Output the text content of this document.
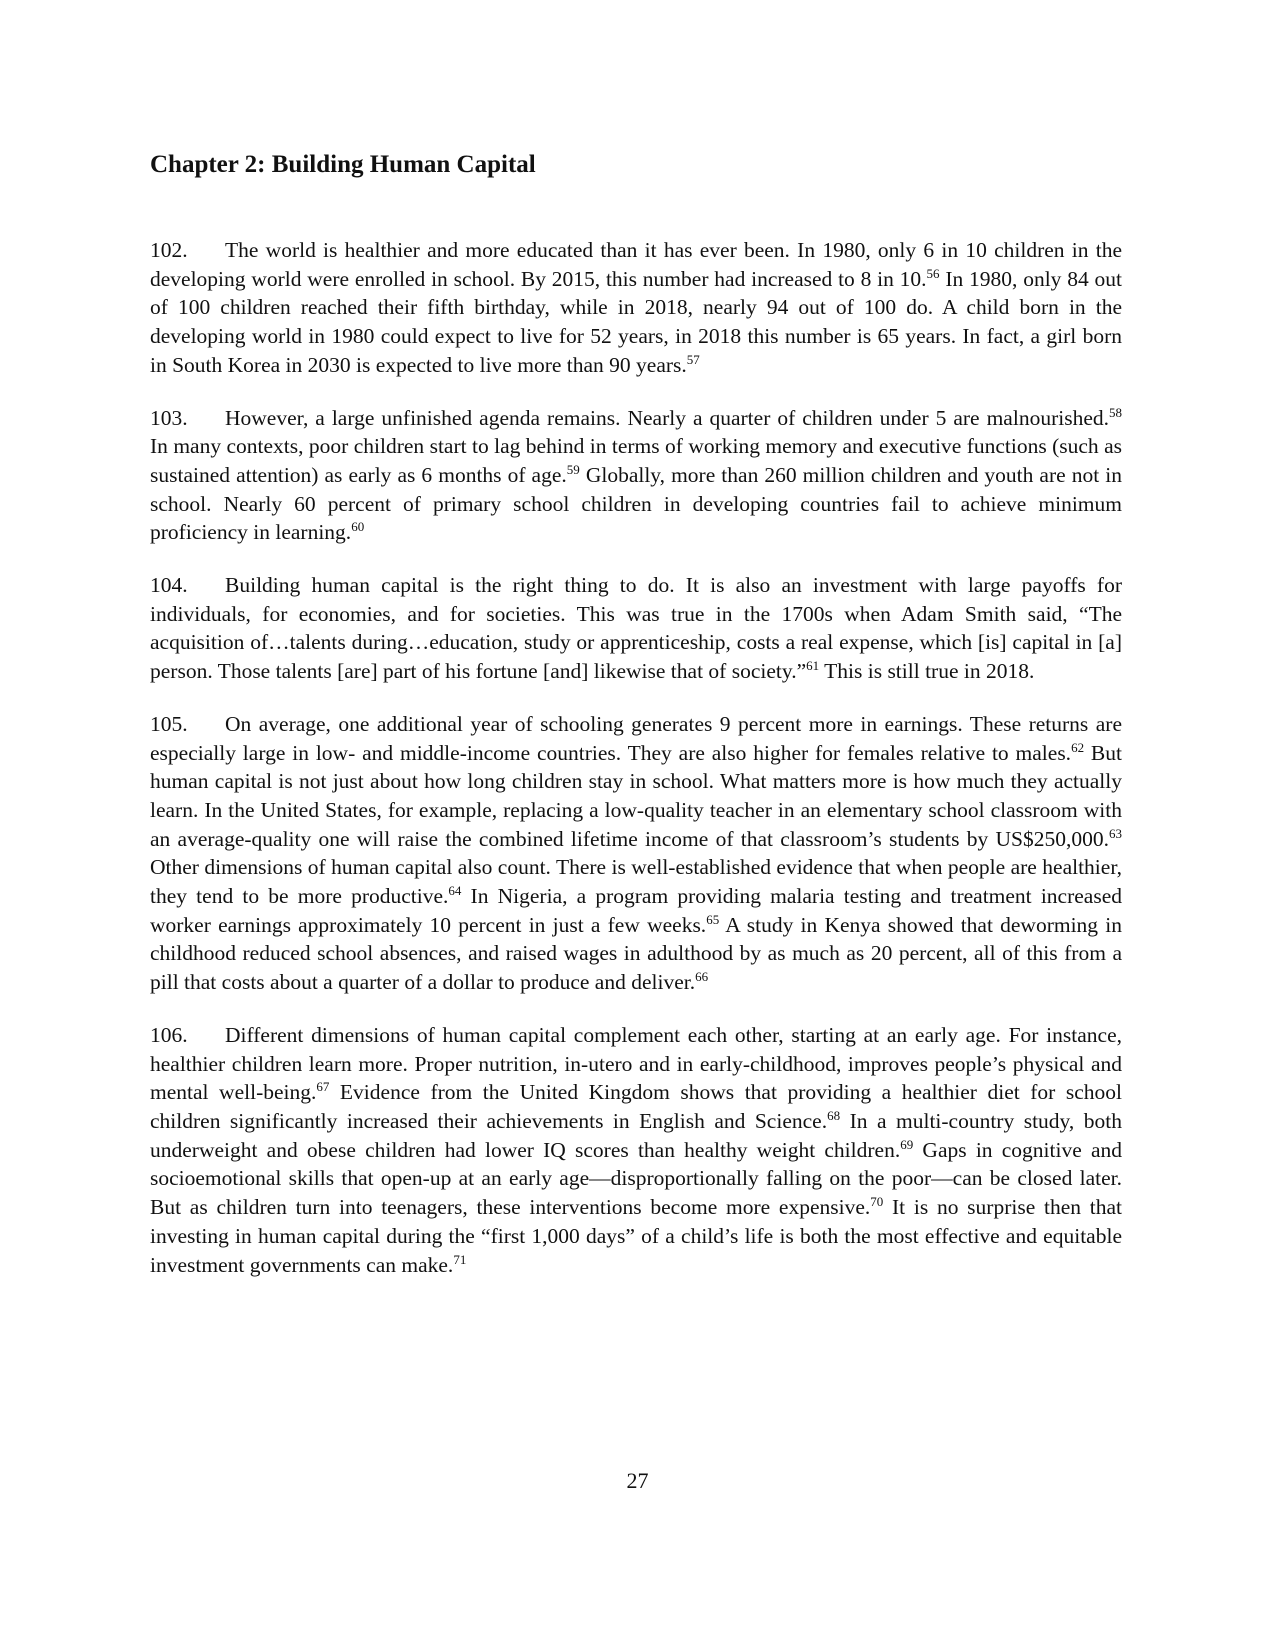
Chapter 2: Building Human Capital

102. The world is healthier and more educated than it has ever been. In 1980, only 6 in 10 children in the developing world were enrolled in school. By 2015, this number had increased to 8 in 10.56 In 1980, only 84 out of 100 children reached their fifth birthday, while in 2018, nearly 94 out of 100 do. A child born in the developing world in 1980 could expect to live for 52 years, in 2018 this number is 65 years. In fact, a girl born in South Korea in 2030 is expected to live more than 90 years.$^{57}$

103. However, a large unfinished agenda remains. Nearly a quarter of children under 5 are malnourished.$^{58}$ In many contexts, poor children start to lag behind in terms of working memory and executive functions (such as sustained attention) as early as 6 months of age.$^{59}$ Globally, more than 260 million children and youth are not in school. Nearly 60 percent of primary school children in developing countries fail to achieve minimum proficiency in learning.$^{60}$

104. Building human capital is the right thing to do. It is also an investment with large payoffs for individuals, for economies, and for societies. This was true in the 1700s when Adam Smith said, “The acquisition of…talents during…education, study or apprenticeship, costs a real expense, which [is] capital in [a] person. Those talents [are] part of his fortune [and] likewise that of society.”$^{61}$ This is still true in 2018.

105. On average, one additional year of schooling generates 9 percent more in earnings. These returns are especially large in low- and middle-income countries. They are also higher for females relative to males.$^{62}$ But human capital is not just about how long children stay in school. What matters more is how much they actually learn. In the United States, for example, replacing a low-quality teacher in an elementary school classroom with an average-quality one will raise the combined lifetime income of that classroom’s students by US$250,000.63 Other dimensions of human capital also count. There is well-established evidence that when people are healthier, they tend to be more productive.$^{64}$ In Nigeria, a program providing malaria testing and treatment increased worker earnings approximately 10 percent in just a few weeks.$^{65}$ A study in Kenya showed that deworming in childhood reduced school absences, and raised wages in adulthood by as much as 20 percent, all of this from a pill that costs about a quarter of a dollar to produce and deliver.$^{66}$

106. Different dimensions of human capital complement each other, starting at an early age. For instance, healthier children learn more. Proper nutrition, in-utero and in early-childhood, improves people’s physical and mental well-being.$^{67}$ Evidence from the United Kingdom shows that providing a healthier diet for school children significantly increased their achievements in English and Science.$^{68}$ In a multi-country study, both underweight and obese children had lower IQ scores than healthy weight children.$^{69}$ Gaps in cognitive and socioemotional skills that open-up at an early age—disproportionally falling on the poor—can be closed later. But as children turn into teenagers, these interventions become more expensive.$^{70}$ It is no surprise then that investing in human capital during the “first 1,000 days” of a child’s life is both the most effective and equitable investment governments can make.$^{71}$

27
